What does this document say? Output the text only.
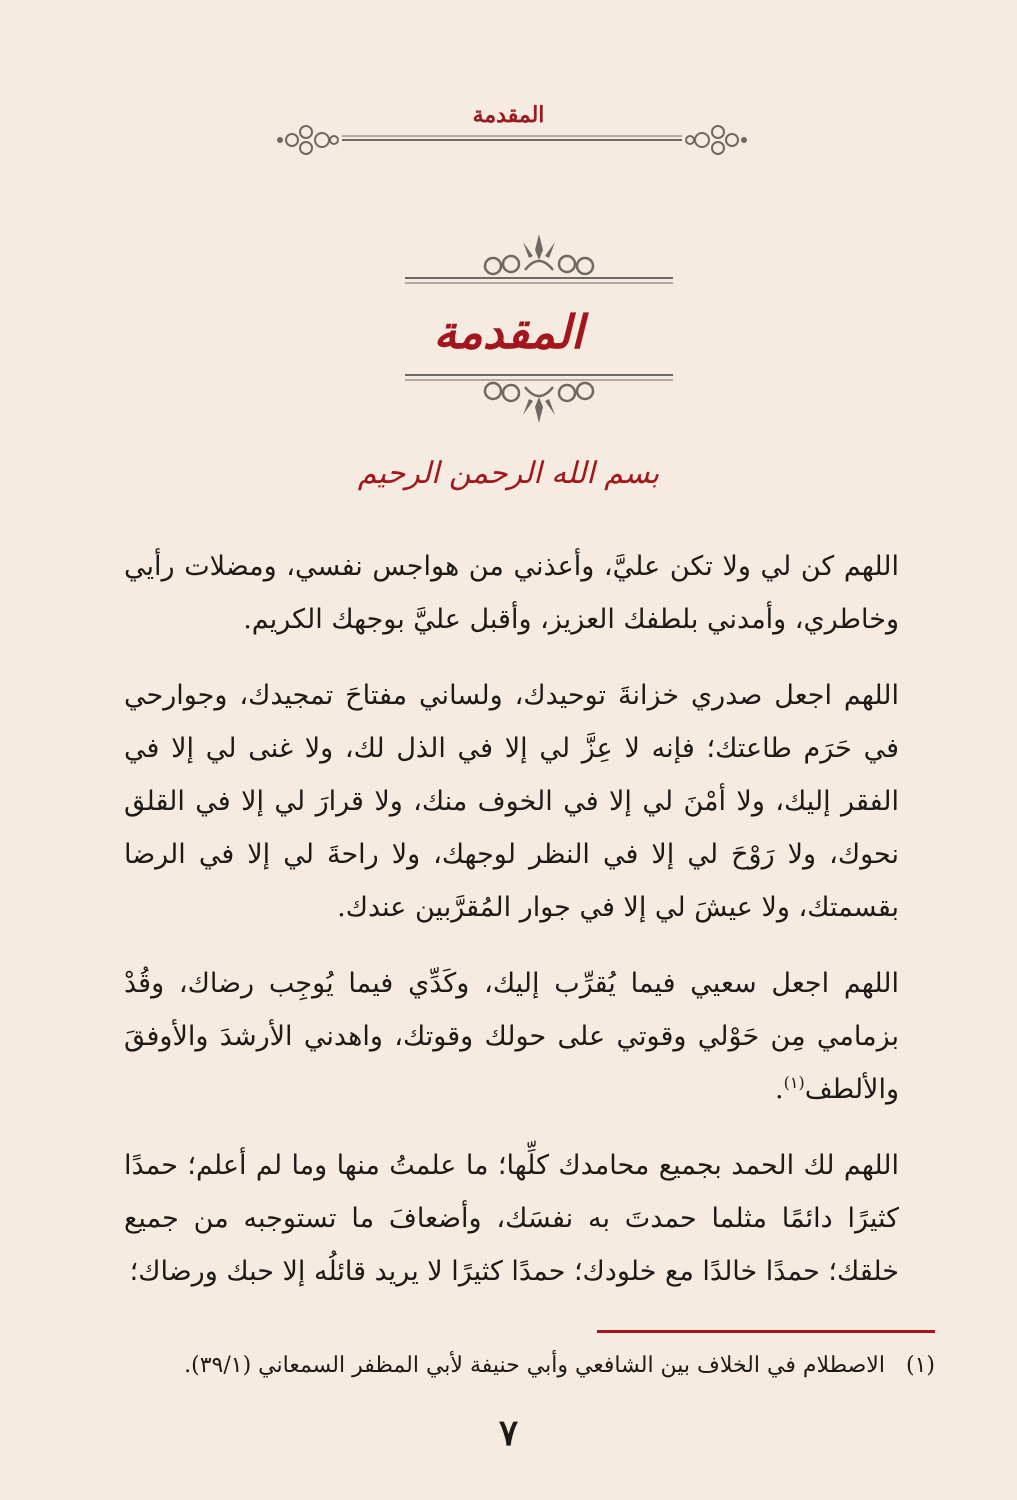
المقدمة
المقدمة
بسم الله الرحمن الرحيم

اللهم كن لي ولا تكن عليَّ، وأعذني من هواجس نفسي، ومضلات رأيي وخاطري، وأمدني بلطفك العزيز، وأقبل عليَّ بوجهك الكريم.

اللهم اجعل صدري خزانةَ توحيدك، ولساني مفتاحَ تمجيدك، وجوارحي في حَرَم طاعتك؛ فإنه لا عِزَّ لي إلا في الذل لك، ولا غنى لي إلا في الفقر إليك، ولا أمْنَ لي إلا في الخوف منك، ولا قرارَ لي إلا في القلق نحوك، ولا رَوْحَ لي إلا في النظر لوجهك، ولا راحةَ لي إلا في الرضا بقسمتك، ولا عيشَ لي إلا في جوار المُقرَّبين عندك.

اللهم اجعل سعيي فيما يُقرِّب إليك، وكَدِّي فيما يُوجِب رضاك، وقُدْ بزمامي مِن حَوْلي وقوتي على حولك وقوتك، واهدني الأرشدَ والأوفقَ والألطف$^{(١)}$.

اللهم لك الحمد بجميع محامدك كلِّها؛ ما علمتُ منها وما لم أعلم؛ حمدًا كثيرًا دائمًا مثلما حمدتَ به نفسَك، وأضعافَ ما تستوجبه من جميع خلقك؛ حمدًا خالدًا مع خلودك؛ حمدًا كثيرًا لا يريد قائلُه إلا حبك ورضاك؛

(١) الاصطلام في الخلاف بين الشافعي وأبي حنيفة لأبي المظفر السمعاني (٣٩/١).
٧
